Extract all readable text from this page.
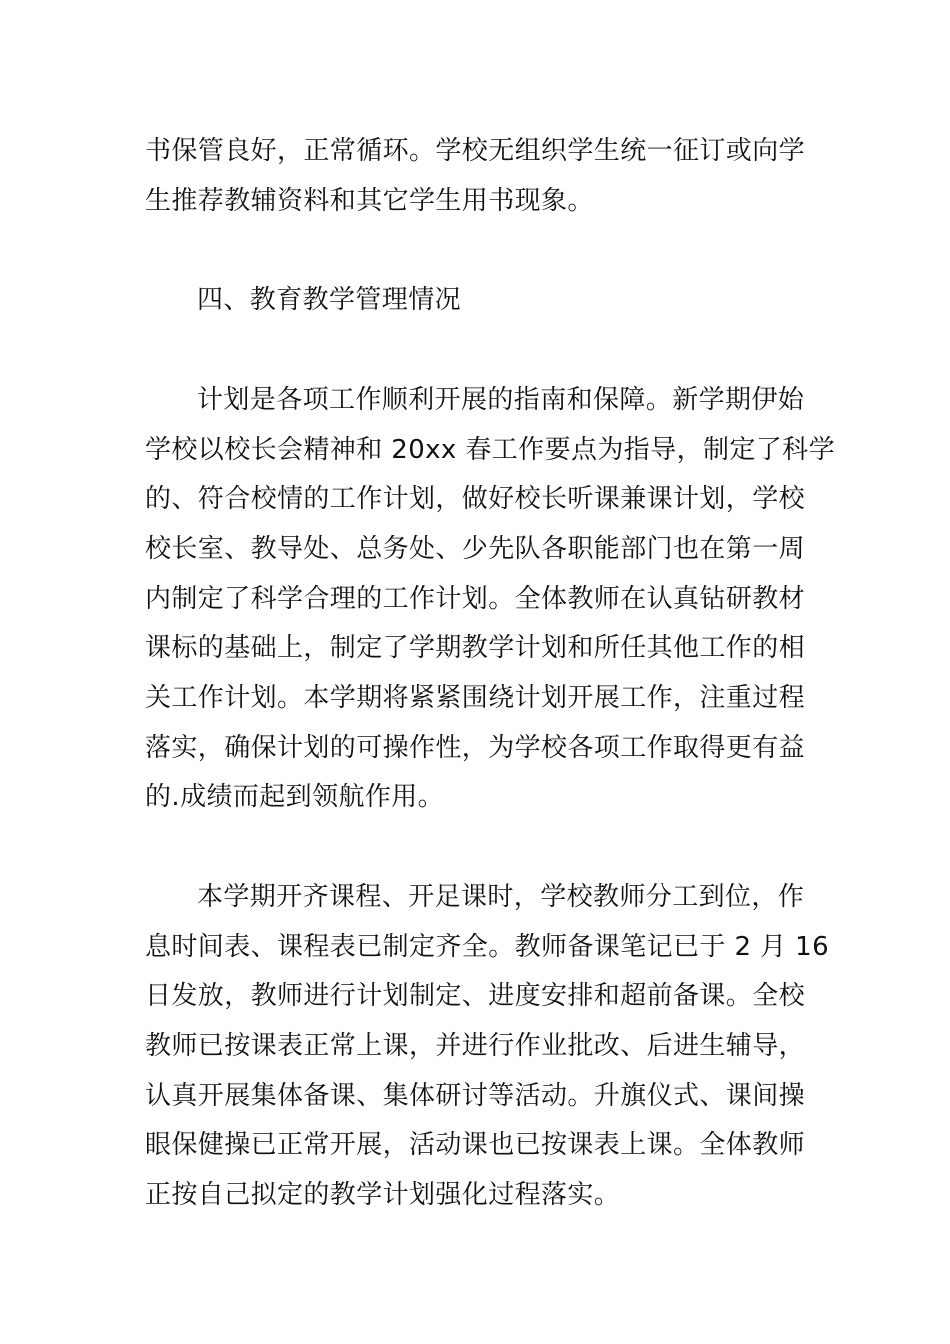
书保管良好，正常循环。学校无组织学生统一征订或向学

生推荐教辅资料和其它学生用书现象。

四、教育教学管理情况

计划是各项工作顺利开展的指南和保障。新学期伊始

学校以校长会精神和 20xx 春工作要点为指导，制定了科学

的、符合校情的工作计划，做好校长听课兼课计划，学校

校长室、教导处、总务处、少先队各职能部门也在第一周

内制定了科学合理的工作计划。全体教师在认真钻研教材

课标的基础上，制定了学期教学计划和所任其他工作的相

关工作计划。本学期将紧紧围绕计划开展工作，注重过程

落实，确保计划的可操作性，为学校各项工作取得更有益

的.成绩而起到领航作用。

本学期开齐课程、开足课时，学校教师分工到位，作

息时间表、课程表已制定齐全。教师备课笔记已于 2 月 16

日发放，教师进行计划制定、进度安排和超前备课。全校

教师已按课表正常上课，并进行作业批改、后进生辅导，

认真开展集体备课、集体研讨等活动。升旗仪式、课间操

眼保健操已正常开展，活动课也已按课表上课。全体教师

正按自己拟定的教学计划强化过程落实。
